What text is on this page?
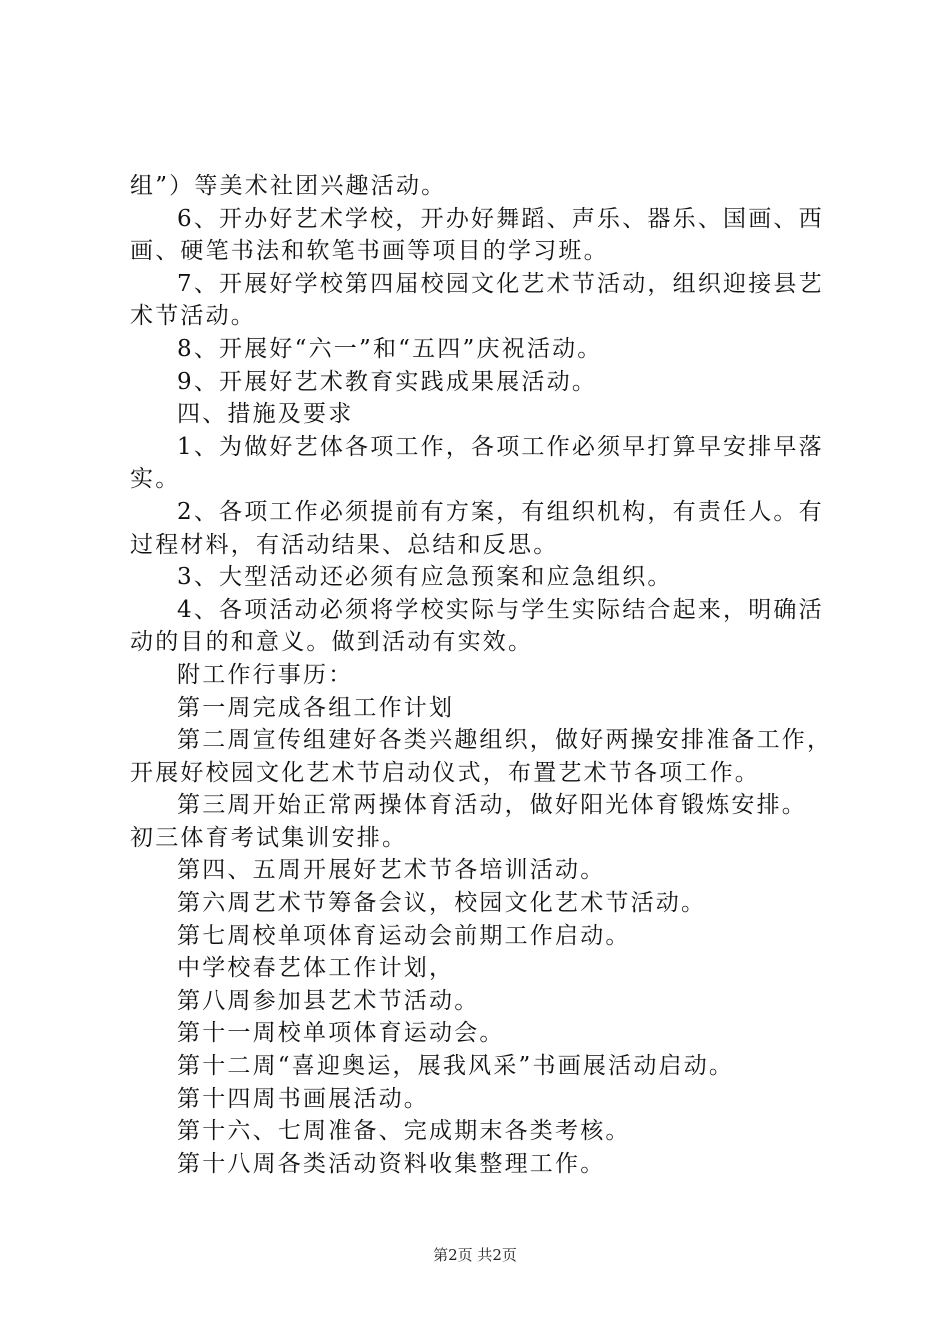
组”）等美术社团兴趣活动。

6、开办好艺术学校，开办好舞蹈、声乐、器乐、国画、西

画、硬笔书法和软笔书画等项目的学习班。

7、开展好学校第四届校园文化艺术节活动，组织迎接县艺

术节活动。

8、开展好“六一”和“五四”庆祝活动。

9、开展好艺术教育实践成果展活动。

四、措施及要求

1、为做好艺体各项工作，各项工作必须早打算早安排早落

实。

2、各项工作必须提前有方案，有组织机构，有责任人。有

过程材料，有活动结果、总结和反思。

3、大型活动还必须有应急预案和应急组织。

4、各项活动必须将学校实际与学生实际结合起来，明确活

动的目的和意义。做到活动有实效。

附工作行事历：

第一周完成各组工作计划

第二周宣传组建好各类兴趣组织，做好两操安排准备工作，

开展好校园文化艺术节启动仪式，布置艺术节各项工作。

第三周开始正常两操体育活动，做好阳光体育锻炼安排。

初三体育考试集训安排。

第四、五周开展好艺术节各培训活动。

第六周艺术节筹备会议，校园文化艺术节活动。

第七周校单项体育运动会前期工作启动。

中学校春艺体工作计划，

第八周参加县艺术节活动。

第十一周校单项体育运动会。

第十二周“喜迎奥运，展我风采”书画展活动启动。

第十四周书画展活动。

第十六、七周准备、完成期末各类考核。

第十八周各类活动资料收集整理工作。

第2页 共2页
